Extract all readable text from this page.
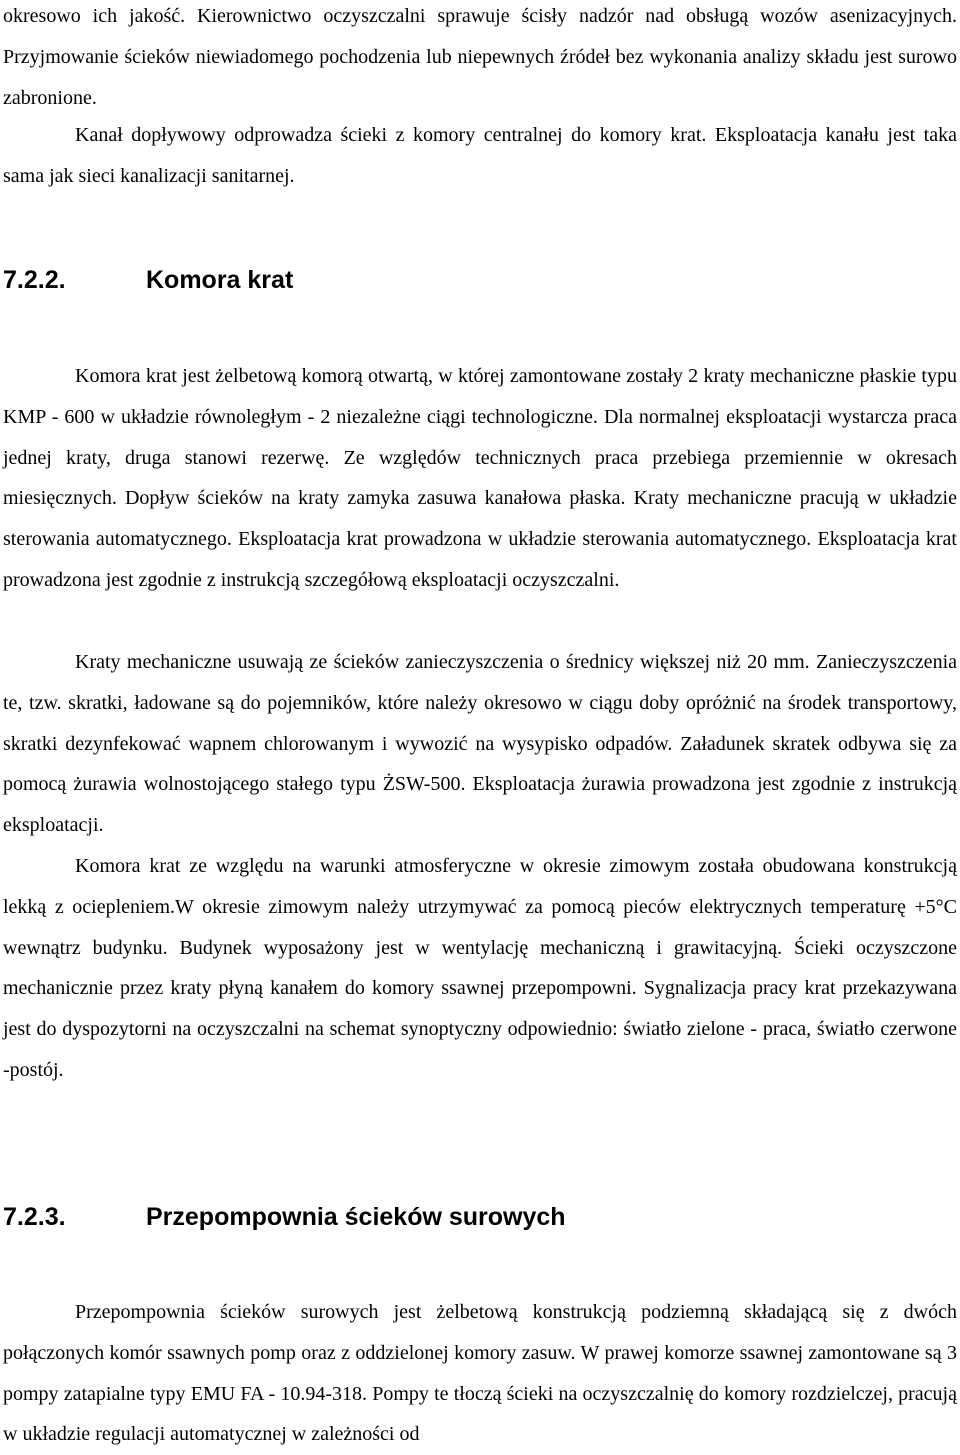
okresowo ich jakość. Kierownictwo oczyszczalni sprawuje ścisły nadzór nad obsługą wozów asenizacyjnych. Przyjmowanie ścieków niewiadomego pochodzenia lub niepewnych źródeł bez wykonania analizy składu jest surowo zabronione.

Kanał dopływowy odprowadza ścieki z komory centralnej do komory krat. Eksploatacja kanału jest taka sama jak sieci kanalizacji sanitarnej.

7.2.2.	Komora krat

Komora krat jest żelbetową komorą otwartą, w której zamontowane zostały 2 kraty mechaniczne płaskie typu KMP - 600 w układzie równoległym - 2 niezależne ciągi technologiczne. Dla normalnej eksploatacji wystarcza praca jednej kraty, druga stanowi rezerwę. Ze względów technicznych praca przebiega przemiennie w okresach miesięcznych. Dopływ ścieków na kraty zamyka zasuwa kanałowa płaska. Kraty mechaniczne pracują w układzie sterowania automatycznego. Eksploatacja krat prowadzona w układzie sterowania automatycznego. Eksploatacja krat prowadzona jest zgodnie z instrukcją szczegółową eksploatacji oczyszczalni.

Kraty mechaniczne usuwają ze ścieków zanieczyszczenia o średnicy większej niż 20 mm. Zanieczyszczenia te, tzw. skratki, ładowane są do pojemników, które należy okresowo w ciągu doby opróżnić na środek transportowy, skratki dezynfekować wapnem chlorowanym i wywozić na wysypisko odpadów. Załadunek skratek odbywa się za pomocą żurawia wolnostojącego stałego typu ŻSW-500. Eksploatacja żurawia prowadzona jest zgodnie z instrukcją eksploatacji.

Komora krat ze względu na warunki atmosferyczne w okresie zimowym została obudowana konstrukcją lekką z ociepleniem.W okresie zimowym należy utrzymywać za pomocą pieców elektrycznych temperaturę +5°C wewnątrz budynku. Budynek wyposażony jest w wentylację mechaniczną i grawitacyjną. Ścieki oczyszczone mechanicznie przez kraty płyną kanałem do komory ssawnej przepompowni. Sygnalizacja pracy krat przekazywana jest do dyspozytorni na oczyszczalni na schemat synoptyczny odpowiednio: światło zielone - praca, światło czerwone -postój.

7.2.3.	Przepompownia ścieków surowych

Przepompownia ścieków surowych jest żelbetową konstrukcją podziemną składającą się z dwóch połączonych komór ssawnych pomp oraz z oddzielonej komory zasuw. W prawej komorze ssawnej zamontowane są 3 pompy zatapialne typy EMU FA - 10.94-318. Pompy te tłoczą ścieki na oczyszczalnię do komory rozdzielczej, pracują w układzie regulacji automatycznej w zależności od
